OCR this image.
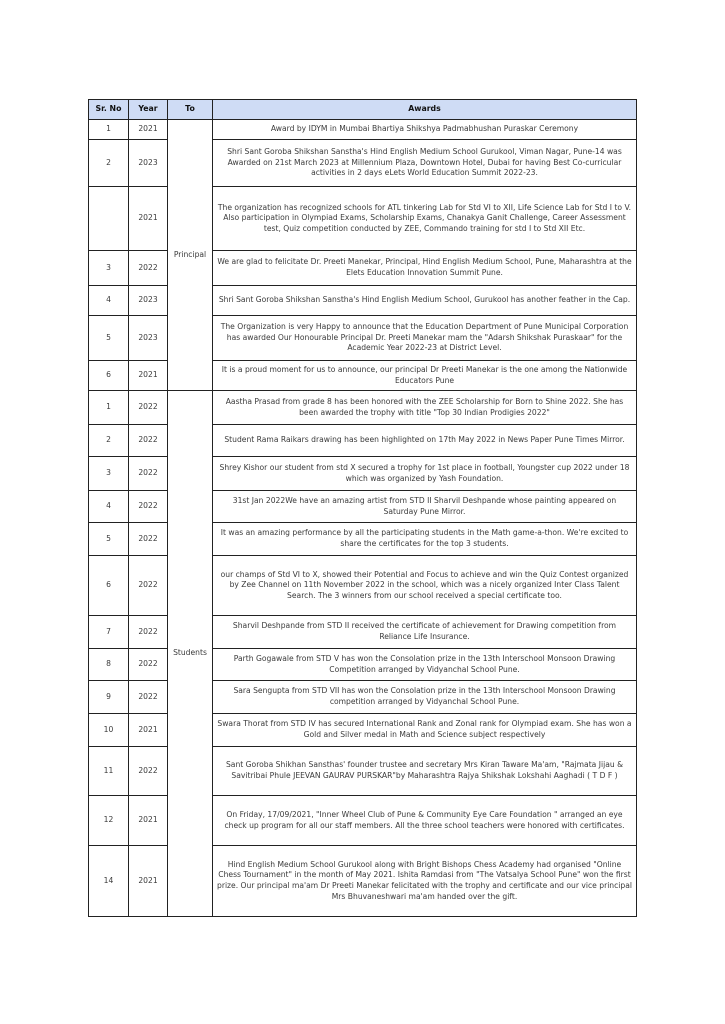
Sr. No	Year	To	Awards
1	2021	Principal	Award by IDYM in Mumbai Bhartiya Shikshya Padmabhushan Puraskar Ceremony
2	2023		Shri Sant Goroba Shikshan Sanstha's Hind English Medium School Gurukool, Viman Nagar, Pune-14 was Awarded on 21st March 2023 at Millennium Plaza, Downtown Hotel, Dubai for having Best Co-curricular activities in 2 days eLets World Education Summit 2022-23.
	2021		The organization has recognized schools for ATL tinkering Lab for Std VI to XII, Life Science Lab for Std I to V. Also participation in Olympiad Exams, Scholarship Exams, Chanakya Ganit Challenge, Career Assessment test, Quiz competition conducted by ZEE, Commando training for std I to Std XII Etc.
3	2022		We are glad to felicitate Dr. Preeti Manekar, Principal, Hind English Medium School, Pune, Maharashtra at the Elets Education Innovation Summit Pune.
4	2023		Shri Sant Goroba Shikshan Sanstha's Hind English Medium School, Gurukool has another feather in the Cap.
5	2023		The Organization is very Happy to announce that the Education Department of Pune Municipal Corporation has awarded Our Honourable Principal Dr. Preeti Manekar mam the "Adarsh Shikshak Puraskaar" for the Academic Year 2022-23 at District Level.
6	2021		It is a proud moment for us to announce, our principal Dr Preeti Manekar is the one among the Nationwide Educators Pune
1	2022	Students	Aastha Prasad from grade 8 has been honored with the ZEE Scholarship for Born to Shine 2022. She has been awarded the trophy with title "Top 30 Indian Prodigies 2022"
2	2022		Student Rama Raikars drawing has been highlighted on 17th May 2022 in News Paper Pune Times Mirror.
3	2022		Shrey Kishor our student from std X secured a trophy for 1st place in football, Youngster cup 2022 under 18 which was organized by Yash Foundation.
4	2022		31st Jan 2022We have an amazing artist from STD II Sharvil Deshpande whose painting appeared on Saturday Pune Mirror.
5	2022		It was an amazing performance by all the participating students in the Math game-a-thon. We're excited to share the certificates for the top 3 students.
6	2022		our champs of Std VI to X, showed their Potential and Focus to achieve and win the Quiz Contest organized by Zee Channel on 11th November 2022 in the school, which was a nicely organized Inter Class Talent Search. The 3 winners from our school received a special certificate too.
7	2022		Sharvil Deshpande from STD II received the certificate of achievement for Drawing competition from Reliance Life Insurance.
8	2022		Parth Gogawale from STD V has won the Consolation prize in the 13th Interschool Monsoon Drawing Competition arranged by Vidyanchal School Pune.
9	2022		Sara Sengupta from STD VII has won the Consolation prize in the 13th Interschool Monsoon Drawing competition arranged by Vidyanchal School Pune.
10	2021		Swara Thorat from STD IV has secured International Rank and Zonal rank for Olympiad exam. She has won a Gold and Silver medal in Math and Science subject respectively
11	2022		Sant Goroba Shikhan Sansthas' founder trustee and secretary Mrs Kiran Taware Ma'am, "Rajmata Jijau & Savitribai Phule JEEVAN GAURAV PURSKAR"by Maharashtra Rajya Shikshak Lokshahi Aaghadi ( T D F )
12	2021		On Friday, 17/09/2021, "Inner Wheel Club of Pune & Community Eye Care Foundation " arranged an eye check up program for all our staff members. All the three school teachers were honored with certificates.
14	2021		Hind English Medium School Gurukool along with Bright Bishops Chess Academy had organised "Online Chess Tournament" in the month of May 2021. Ishita Ramdasi from "The Vatsalya School Pune" won the first prize. Our principal ma'am Dr Preeti Manekar felicitated with the trophy and certificate and our vice principal Mrs Bhuvaneshwari ma'am handed over the gift.
